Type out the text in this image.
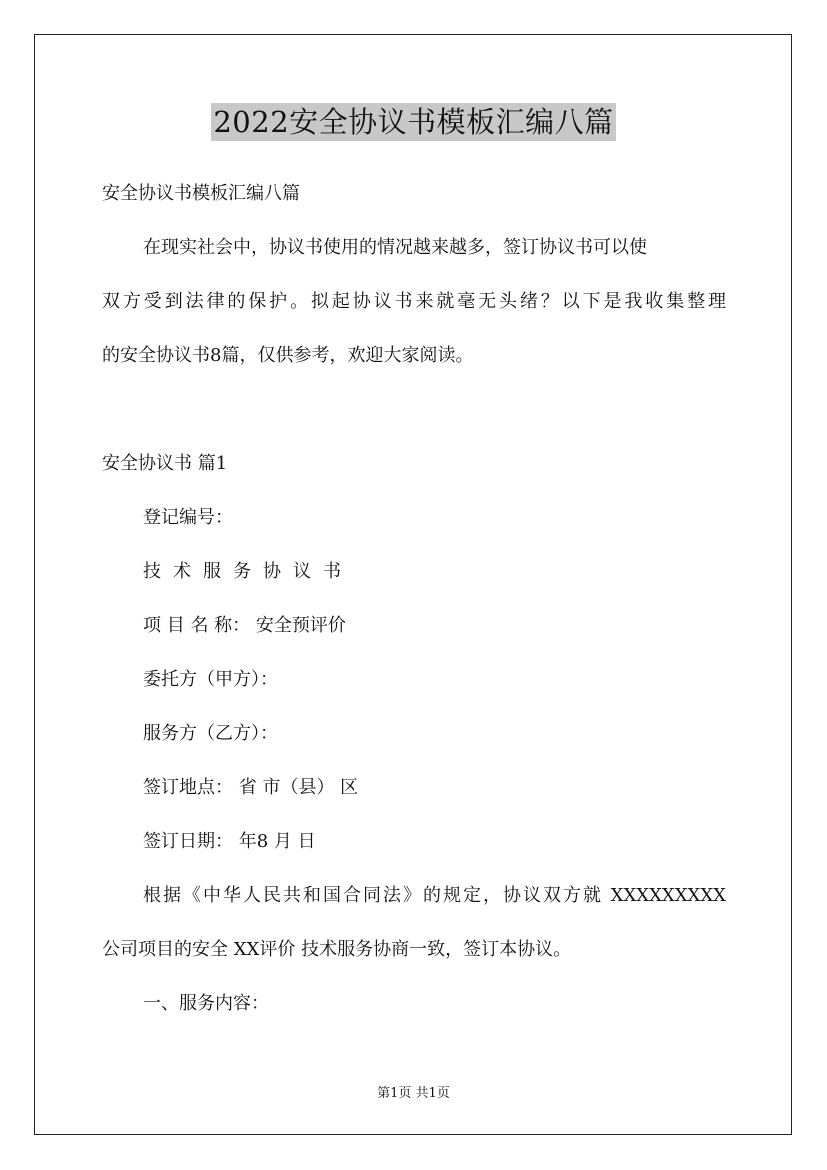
2022安全协议书模板汇编八篇
安全协议书模板汇编八篇
在现实社会中，协议书使用的情况越来越多，签订协议书可以使
双方受到法律的保护。拟起协议书来就毫无头绪？以下是我收集整理
的安全协议书8篇，仅供参考，欢迎大家阅读。
安全协议书 篇1
登记编号：
技术服务协议书
项 目 名 称： 安全预评价
委托方（甲方）：
服务方（乙方）：
签订地点： 省 市（县） 区
签订日期： 年8 月 日
根据《中华人民共和国合同法》的规定，协议双方就 XXXXXXXXX
公司项目的安全 XX评价 技术服务协商一致，签订本协议。
一、服务内容：
第1页 共1页
